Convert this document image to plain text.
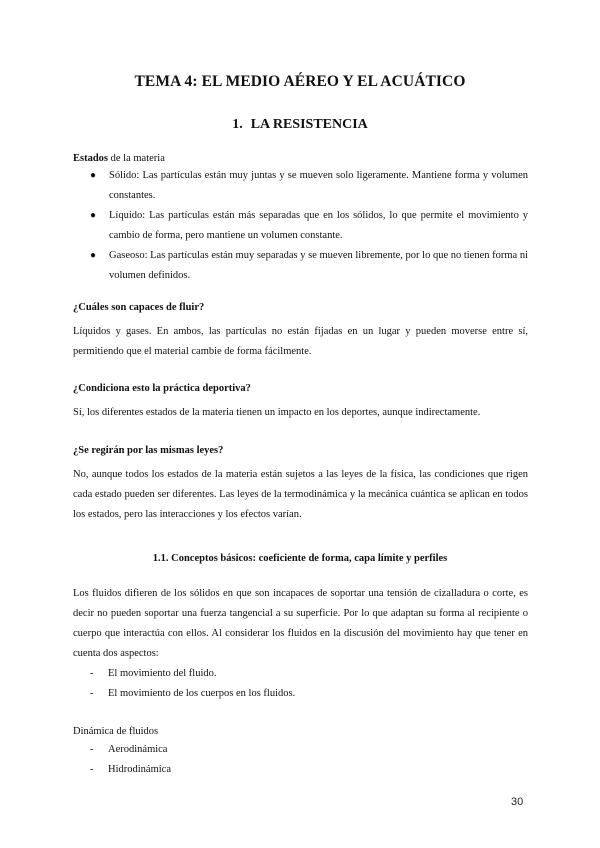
TEMA 4: EL MEDIO AÉREO Y EL ACUÁTICO
1. LA RESISTENCIA
Estados de la materia
● Sólido: Las partículas están muy juntas y se mueven solo ligeramente. Mantiene forma y volumen constantes.
● Líquido: Las partículas están más separadas que en los sólidos, lo que permite el movimiento y cambio de forma, pero mantiene un volumen constante.
● Gaseoso: Las partículas están muy separadas y se mueven libremente, por lo que no tienen forma ni volumen definidos.
¿Cuáles son capaces de fluir?
Líquidos y gases. En ambos, las partículas no están fijadas en un lugar y pueden moverse entre sí, permitiendo que el material cambie de forma fácilmente.
¿Condiciona esto la práctica deportiva?
Sí, los diferentes estados de la materia tienen un impacto en los deportes, aunque indirectamente.
¿Se regirán por las mismas leyes?
No, aunque todos los estados de la materia están sujetos a las leyes de la física, las condiciones que rigen cada estado pueden ser diferentes. Las leyes de la termodinámica y la mecánica cuántica se aplican en todos los estados, pero las interacciones y los efectos varían.
1.1. Conceptos básicos: coeficiente de forma, capa límite y perfiles
Los fluidos difieren de los sólidos en que son incapaces de soportar una tensión de cizalladura o corte, es decir no pueden soportar una fuerza tangencial a su superficie. Por lo que adaptan su forma al recipiente o cuerpo que interactúa con ellos. Al considerar los fluidos en la discusión del movimiento hay que tener en cuenta dos aspectos:
- El movimiento del fluido.
- El movimiento de los cuerpos en los fluidos.
Dinámica de fluidos
- Aerodinámica
- Hidrodinámica
30
